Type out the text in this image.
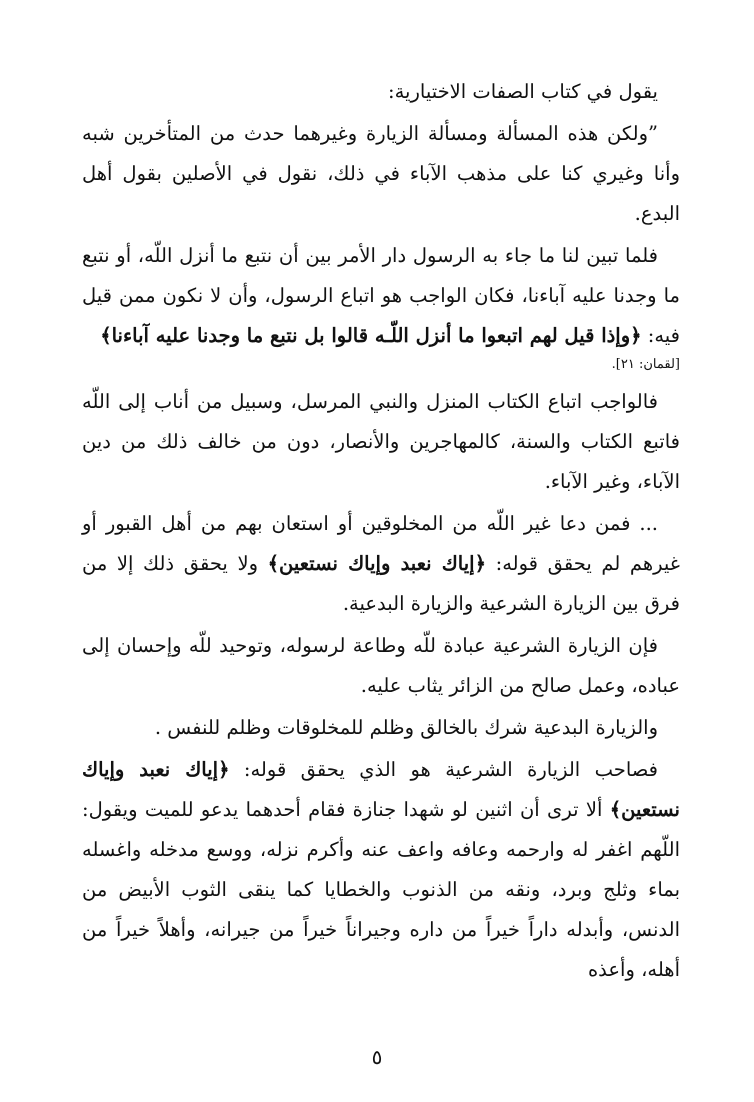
يقول في كتاب الصفات الاختيارية:

”ولكن هذه المسألة ومسألة الزيارة وغيرهما حدث من المتأخرين شبه وأنا وغيري كنا على مذهب الآباء في ذلك، نقول في الأصلين بقول أهل البدع.

فلما تبين لنا ما جاء به الرسول دار الأمر بين أن نتبع ما أنزل اللّه، أو نتبع ما وجدنا عليه آباءنا، فكان الواجب هو اتباع الرسول، وأن لا نكون ممن قيل فيه: ﴿وإذا قيل لهم اتبعوا ما أنزل اللّـه قالوا بل نتبع ما وجدنا عليه آباءنا﴾

[لقمان: ٢١].

فالواجب اتباع الكتاب المنزل والنبي المرسل، وسبيل من أناب إلى اللّه فاتبع الكتاب والسنة، كالمهاجرين والأنصار، دون من خالف ذلك من دين الآباء، وغير الآباء.

... فمن دعا غير اللّه من المخلوقين أو استعان بهم من أهل القبور أو غيرهم لم يحقق قوله: ﴿إياك نعبد وإياك نستعين﴾ ولا يحقق ذلك إلا من فرق بين الزيارة الشرعية والزيارة البدعية.

فإن الزيارة الشرعية عبادة للّه وطاعة لرسوله، وتوحيد للّه وإحسان إلى عباده، وعمل صالح من الزائر يثاب عليه.

والزيارة البدعية شرك بالخالق وظلم للمخلوقات وظلم للنفس .

فصاحب الزيارة الشرعية هو الذي يحقق قوله: ﴿إياك نعبد وإياك نستعين﴾ ألا ترى أن اثنين لو شهدا جنازة فقام أحدهما يدعو للميت ويقول: اللّهم اغفر له وارحمه وعافه واعف عنه وأكرم نزله، ووسع مدخله واغسله بماء وثلج وبرد، ونقه من الذنوب والخطايا كما ينقى الثوب الأبيض من الدنس، وأبدله داراً خيراً من داره وجيراناً خيراً من جيرانه، وأهلاً خيراً من أهله، وأعذه

٥
